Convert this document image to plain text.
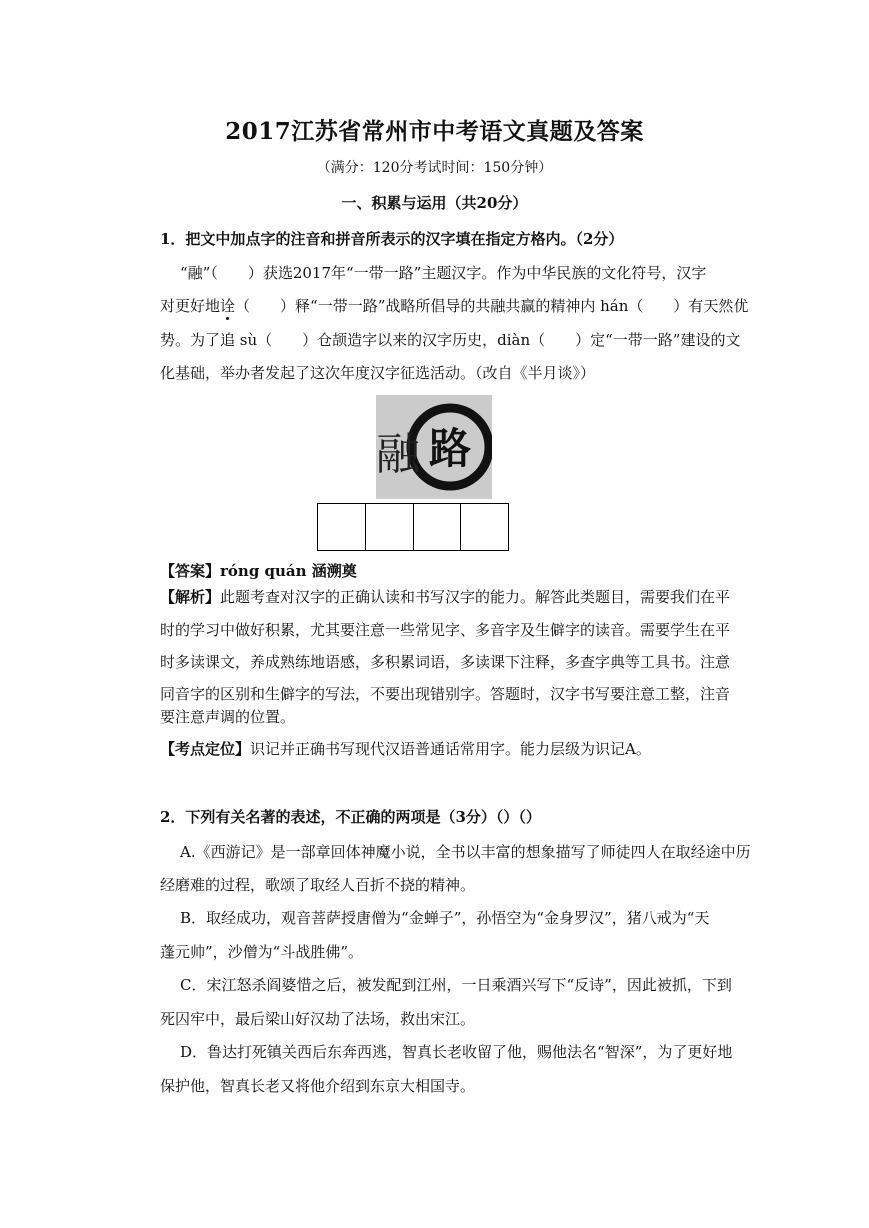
2017江苏省常州市中考语文真题及答案
（满分：120分考试时间：150分钟）
一、积累与运用（共20分）
1．把文中加点字的注音和拼音所表示的汉字填在指定方格内。（2分）
“融”（　　）获选2017年“一带一路”主题汉字。作为中华民族的文化符号，汉字
对更好地诠（　　）释“一带一路”战略所倡导的共融共赢的精神内 hán（　　）有天然优
势。为了追 sù（　　）仓颉造字以来的汉字历史，diàn（　　）定“一带一路”建设的文
化基础，举办者发起了这次年度汉字征选活动。（改自《半月谈》）
融 路
【答案】róng quán 涵溯奠
【解析】此题考查对汉字的正确认读和书写汉字的能力。解答此类题目，需要我们在平
时的学习中做好积累，尤其要注意一些常见字、多音字及生僻字的读音。需要学生在平
时多读课文，养成熟练地语感，多积累词语，多读课下注释，多查字典等工具书。注意
同音字的区别和生僻字的写法，不要出现错别字。答题时，汉字书写要注意工整，注音
要注意声调的位置。
【考点定位】识记并正确书写现代汉语普通话常用字。能力层级为识记A。
2．下列有关名著的表述，不正确的两项是（3分）（）（）
A.《西游记》是一部章回体神魔小说，全书以丰富的想象描写了师徒四人在取经途中历
经磨难的过程，歌颂了取经人百折不挠的精神。
B．取经成功，观音菩萨授唐僧为“金蝉子”，孙悟空为“金身罗汉”，猪八戒为“天
蓬元帅”，沙僧为“斗战胜佛”。
C．宋江怒杀阎婆惜之后，被发配到江州，一日乘酒兴写下“反诗”，因此被抓，下到
死囚牢中，最后梁山好汉劫了法场，救出宋江。
D．鲁达打死镇关西后东奔西逃，智真长老收留了他，赐他法名“智深”，为了更好地
保护他，智真长老又将他介绍到东京大相国寺。
